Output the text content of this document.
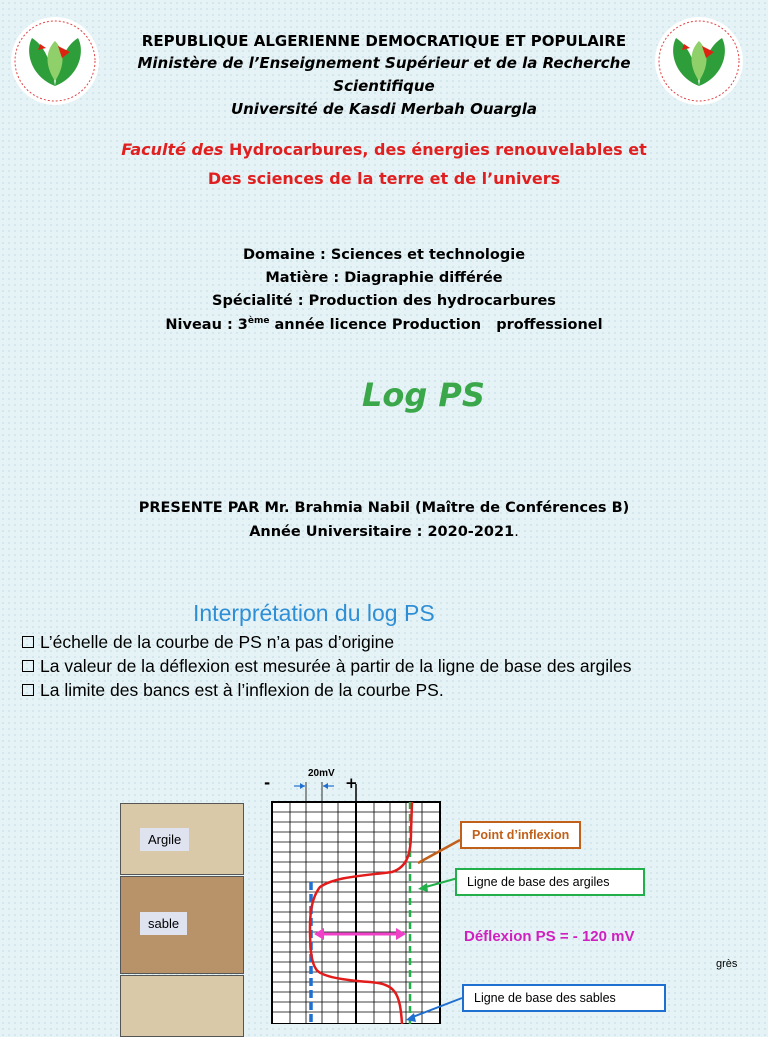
REPUBLIQUE ALGERIENNE DEMOCRATIQUE ET POPULAIRE
Ministère de l’Enseignement Supérieur et de la Recherche
Scientifique
Université de Kasdi Merbah Ouargla
Faculté des Hydrocarbures, des énergies renouvelables et
Des sciences de la terre et de l’univers
Domaine : Sciences et technologie
Matière : Diagraphie différée
Spécialité : Production des hydrocarbures
Niveau : 3ème année licence Production   proffessionel
Log PS
PRESENTE PAR Mr. Brahmia Nabil (Maître de Conférences B)
Année Universitaire : 2020-2021.
Interprétation du log PS
L’échelle de la courbe de PS n’a pas d’origine
La valeur de la déflexion est mesurée à partir de la ligne de base des argiles
La limite des bancs est à l’inflexion de la courbe PS.
Argile
sable
20mV
-	+
Point d’inflexion
Ligne de base des argiles
Déflexion PS = - 120 mV
grès
Ligne de base des sables
